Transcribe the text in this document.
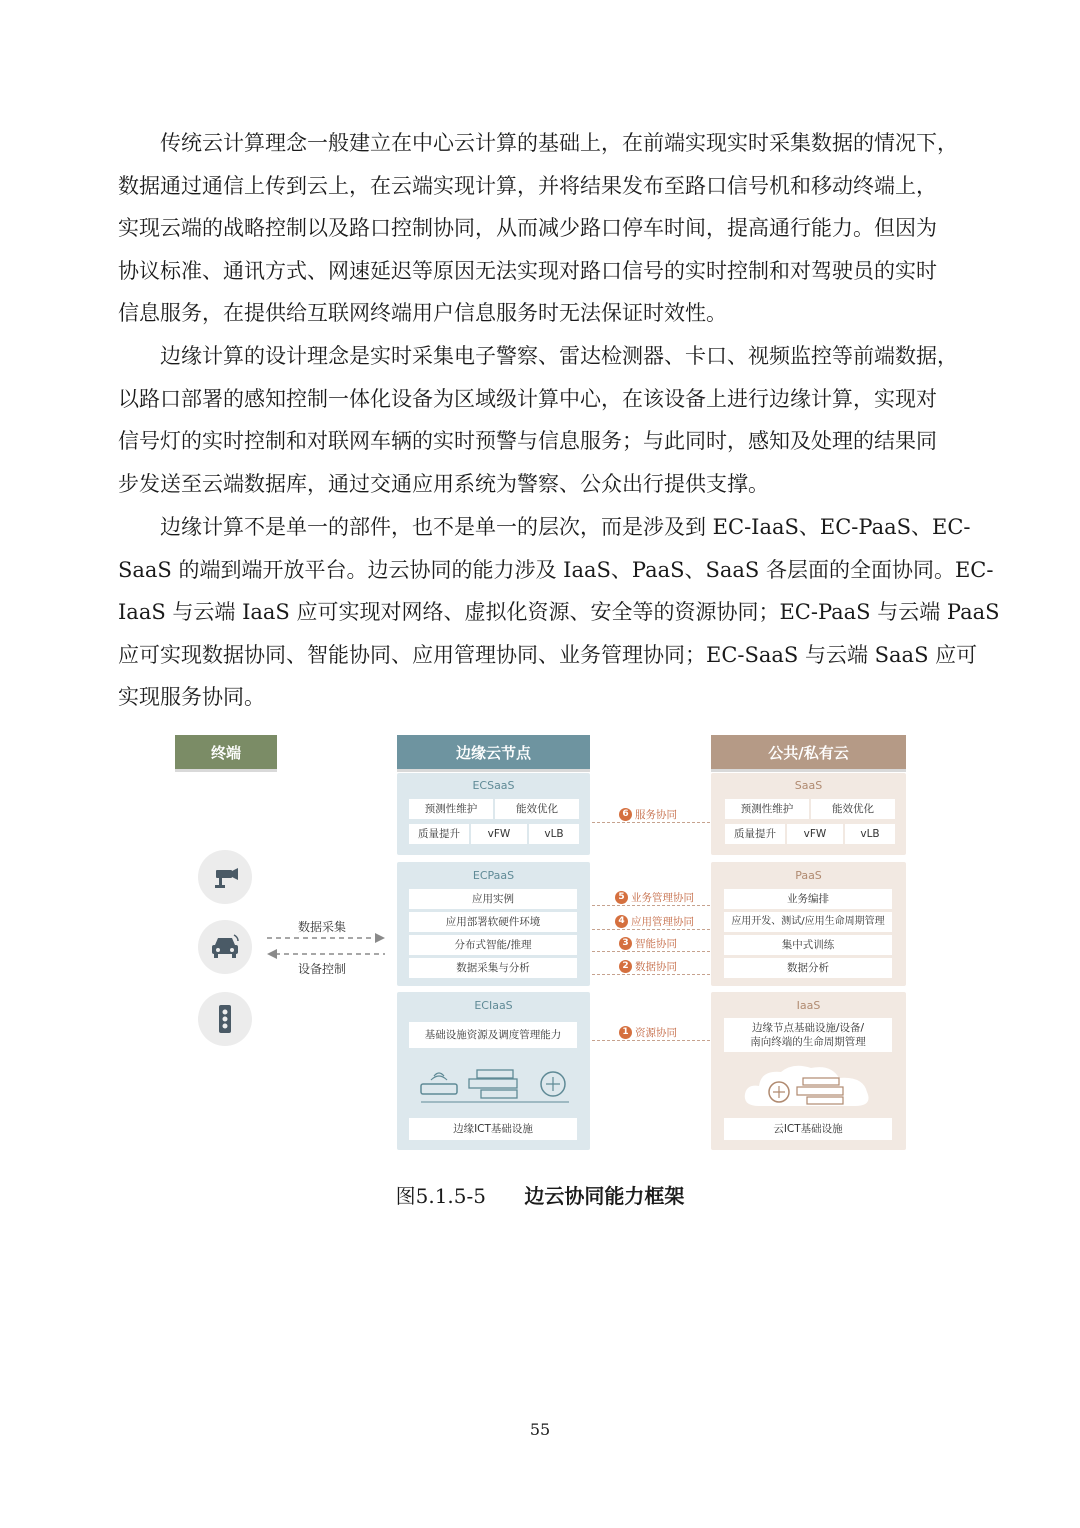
　　传统云计算理念一般建立在中心云计算的基础上，在前端实现实时采集数据的情况下，
数据通过通信上传到云上，在云端实现计算，并将结果发布至路口信号机和移动终端上，
实现云端的战略控制以及路口控制协同，从而减少路口停车时间，提高通行能力。但因为
协议标准、通讯方式、网速延迟等原因无法实现对路口信号的实时控制和对驾驶员的实时
信息服务，在提供给互联网终端用户信息服务时无法保证时效性。
　　边缘计算的设计理念是实时采集电子警察、雷达检测器、卡口、视频监控等前端数据，
以路口部署的感知控制一体化设备为区域级计算中心，在该设备上进行边缘计算，实现对
信号灯的实时控制和对联网车辆的实时预警与信息服务；与此同时，感知及处理的结果同
步发送至云端数据库，通过交通应用系统为警察、公众出行提供支撑。
　　边缘计算不是单一的部件，也不是单一的层次，而是涉及到 EC-IaaS、EC-PaaS、EC-
SaaS 的端到端开放平台。边云协同的能力涉及 IaaS、PaaS、SaaS 各层面的全面协同。EC-
IaaS 与云端 IaaS 应可实现对网络、虚拟化资源、安全等的资源协同；EC-PaaS 与云端 PaaS
应可实现数据协同、智能协同、应用管理协同、业务管理协同；EC-SaaS 与云端 SaaS 应可
实现服务协同。
终端	边缘云节点	公共/私有云
数据采集
设备控制
ECSaaS
预测性维护	能效优化
质量提升	vFW	vLB
ECPaaS
应用实例
应用部署软硬件环境
分布式智能/推理
数据采集与分析
ECIaaS
基础设施资源及调度管理能力
边缘ICT基础设施
SaaS
预测性维护	能效优化
质量提升	vFW	vLB
PaaS
业务编排
应用开发、测试/应用生命周期管理
集中式训练
数据分析
IaaS
边缘节点基础设施/设备/
南向终端的生命周期管理
云ICT基础设施
6 服务协同
5 业务管理协同
4 应用管理协同
3 智能协同
2 数据协同
1 资源协同
图5.1.5-5 边云协同能力框架
55
